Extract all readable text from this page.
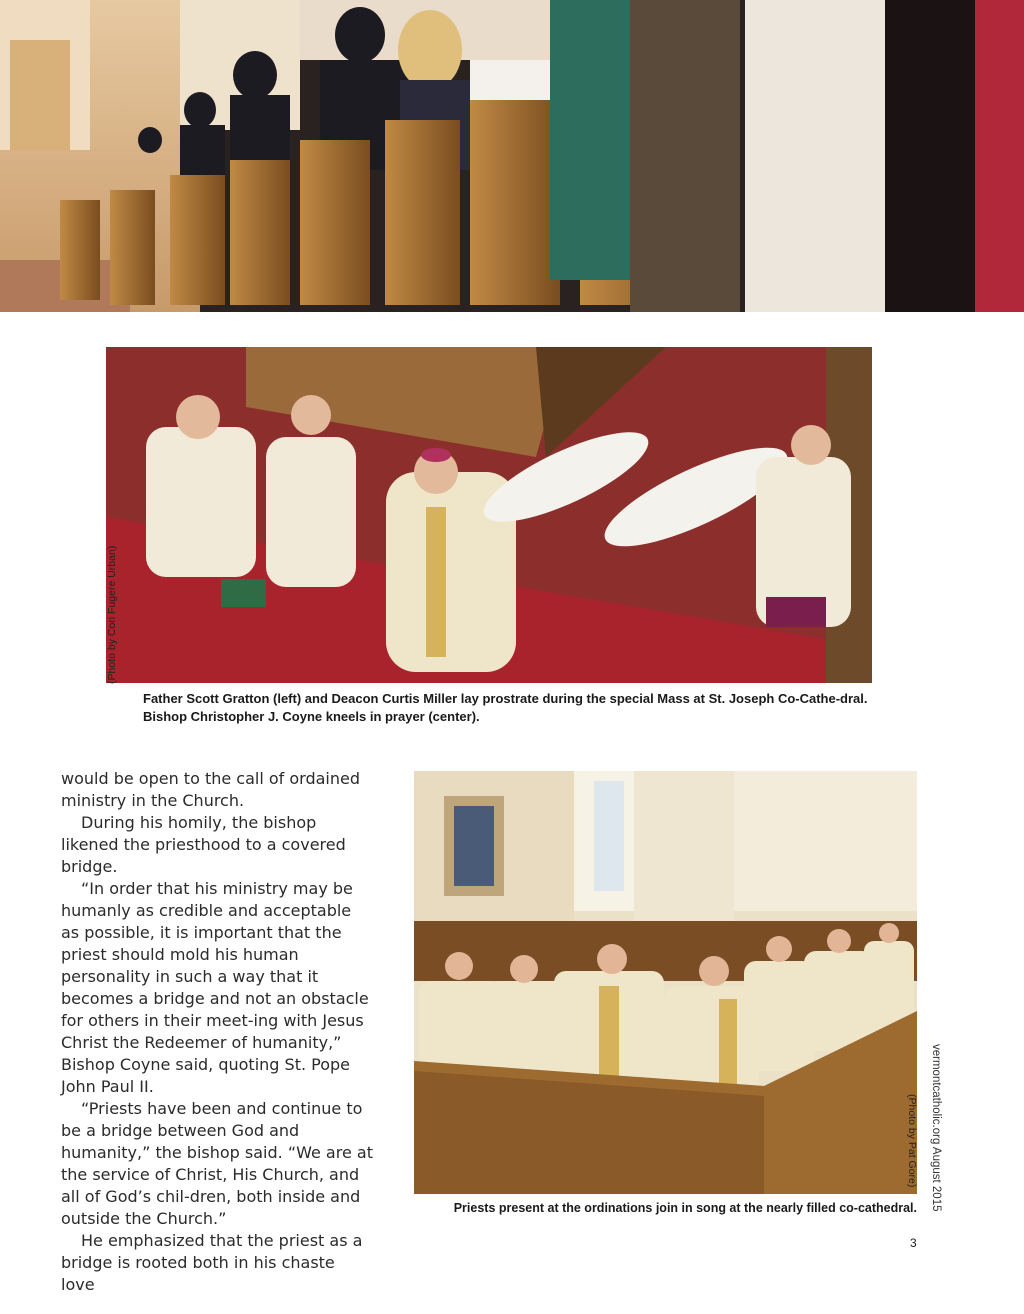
(Photo by Cori Fugere Urban)
Father Scott Gratton (left) and Deacon Curtis Miller lay prostrate during the special Mass at St. Joseph Co-Cathe-dral. Bishop Christopher J. Coyne kneels in prayer (center).

would be open to the call of ordained ministry in the Church.

During his homily, the bishop likened the priesthood to a covered bridge.

“In order that his ministry may be humanly as credible and acceptable as possible, it is important that the priest should mold his human personality in such a way that it becomes a bridge and not an obstacle for others in their meet-ing with Jesus Christ the Redeemer of humanity,” Bishop Coyne said, quoting St. Pope John Paul II.

“Priests have been and continue to be a bridge between God and humanity,” the bishop said. “We are at the service of Christ, His Church, and all of God’s chil-dren, both inside and outside the Church.”

He emphasized that the priest as a bridge is rooted both in his chaste love

(Photo by Pat Gore) vermontcatholic.org August 2015
Priests present at the ordinations join in song at the nearly filled co-cathedral.
3
